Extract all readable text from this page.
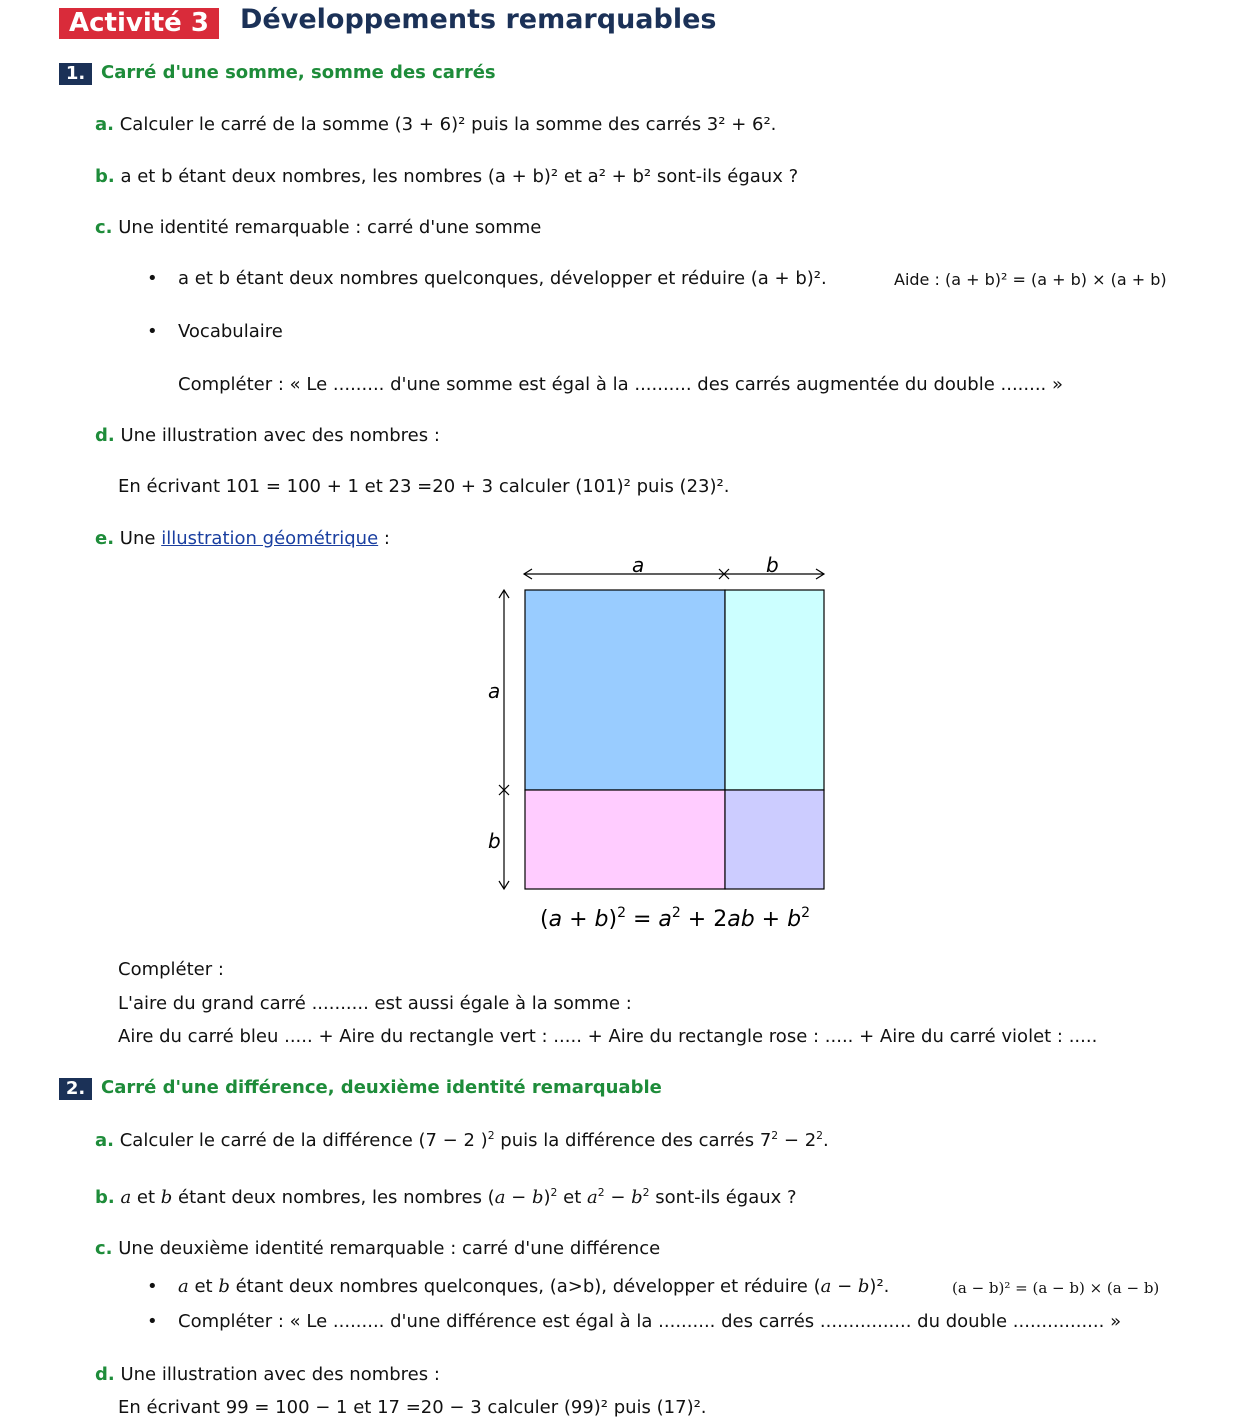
Activité 3	Développements remarquables
1. Carré d'une somme, somme des carrés
a. Calculer le carré de la somme (3 + 6)² puis la somme des carrés 3² + 6².
b. a et b étant deux nombres, les nombres (a + b)² et a² + b² sont-ils égaux ?
c. Une identité remarquable : carré d'une somme
• a et b étant deux nombres quelconques, développer et réduire (a + b)².	Aide : (a + b)² = (a + b) × (a + b)
• Vocabulaire
Compléter : « Le ......... d'une somme est égal à la .......... des carrés augmentée du double ........ »
d. Une illustration avec des nombres :
En écrivant 101 = 100 + 1 et 23 =20 + 3 calculer (101)² puis (23)².
e. Une illustration géométrique :
a	b
a
b
$(a + b)^2 = a^2 + 2ab + b^2$
Compléter :
L'aire du grand carré .......... est aussi égale à la somme :
Aire du carré bleu ..... + Aire du rectangle vert : ..... + Aire du rectangle rose : ..... + Aire du carré violet : .....
2. Carré d'une différence, deuxième identité remarquable
a. Calculer le carré de la différence (7 − 2 )$^2$ puis la différence des carrés $7^2 - 2^2$.
b. a et b étant deux nombres, les nombres $(a - b)^2$ et $a^2 - b^2$ sont-ils égaux ?
c. Une deuxième identité remarquable : carré d'une différence
• a et b étant deux nombres quelconques, (a>b), développer et réduire (a − b)².	(a − b)² = (a − b) × (a − b)
• Compléter : « Le ......... d'une différence est égal à la .......... des carrés ................ du double ................ »
d. Une illustration avec des nombres :
En écrivant 99 = 100 − 1 et 17 =20 − 3 calculer (99)² puis (17)².
